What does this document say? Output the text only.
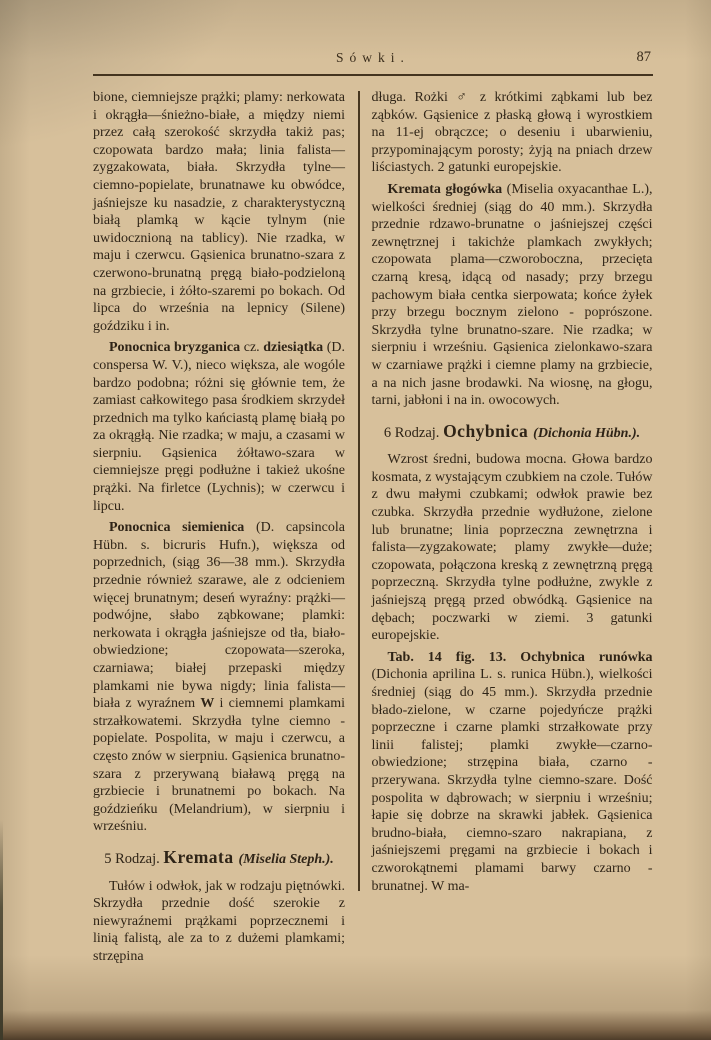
Sówki.	87

bione, ciemniejsze prążki; plamy: nerkowata i okrągła—śnieżno-białe, a między niemi przez całą szerokość skrzydła takiż pas; czopowata bardzo mała; linia falista—zygzakowata, biała. Skrzydła tylne—ciemno-popielate, brunatnawe ku obwódce, jaśniejsze ku nasadzie, z charakterystyczną białą plamką w kącie tylnym (nie uwidocznioną na tablicy). Nie rzadka, w maju i czerwcu. Gąsienica brunatno-szara z czerwono-brunatną pręgą biało-podzieloną na grzbiecie, i żółto-szaremi po bokach. Od lipca do września na lepnicy (Silene) goździku i in.

Ponocnica bryzganica cz. dziesiątka (D. conspersa W. V.), nieco większa, ale wogóle bardzo podobna; różni się głównie tem, że zamiast całkowitego pasa środkiem skrzydeł przednich ma tylko kańciastą plamę białą po za okrągłą. Nie rzadka; w maju, a czasami w sierpniu. Gąsienica żółtawo-szara w ciemniejsze pręgi podłużne i takież ukośne prążki. Na firletce (Lychnis); w czerwcu i lipcu.

Ponocnica siemienica (D. capsincola Hübn. s. bicruris Hufn.), większa od poprzednich, (siąg 36—38 mm.). Skrzydła przednie również szarawe, ale z odcieniem więcej brunatnym; deseń wyraźny: prążki—podwójne, słabo ząbkowane; plamki: nerkowata i okrągła jaśniejsze od tła, biało-obwiedzione; czopowata—szeroka, czarniawa; białej przepaski między plamkami nie bywa nigdy; linia falista—biała z wyraźnem W i ciemnemi plamkami strzałkowatemi. Skrzydła tylne ciemno - popielate. Pospolita, w maju i czerwcu, a często znów w sierpniu. Gąsienica brunatno-szara z przerywaną białawą pręgą na grzbiecie i brunatnemi po bokach. Na goździeńku (Melandrium), w sierpniu i wrześniu.

5 Rodzaj. Kremata (Miselia Steph.).

Tułów i odwłok, jak w rodzaju piętnówki. Skrzydła przednie dość szerokie z niewyraźnemi prążkami poprzecznemi i linią falistą, ale za to z dużemi plamkami; strzępina

długa. Rożki ♂ z krótkimi ząbkami lub bez ząbków. Gąsienice z płaską głową i wyrostkiem na 11-ej obrączce; o deseniu i ubarwieniu, przypominającym porosty; żyją na pniach drzew liściastych. 2 gatunki europejskie.

Kremata głogówka (Miselia oxyacanthae L.), wielkości średniej (siąg do 40 mm.). Skrzydła przednie rdzawo-brunatne o jaśniejszej części zewnętrznej i takichże plamkach zwykłych; czopowata plama—czworoboczna, przecięta czarną kresą, idącą od nasady; przy brzegu pachowym biała centka sierpowata; końce żyłek przy brzegu bocznym zielono - poprószone. Skrzydła tylne brunatno-szare. Nie rzadka; w sierpniu i wrześniu. Gąsienica zielonkawo-szara w czarniawe prążki i ciemne plamy na grzbiecie, a na nich jasne brodawki. Na wiosnę, na głogu, tarni, jabłoni i na in. owocowych.

6 Rodzaj. Ochybnica (Dichonia Hübn.).

Wzrost średni, budowa mocna. Głowa bardzo kosmata, z wystającym czubkiem na czole. Tułów z dwu małymi czubkami; odwłok prawie bez czubka. Skrzydła przednie wydłużone, zielone lub brunatne; linia poprzeczna zewnętrzna i falista—zygzakowate; plamy zwykłe—duże; czopowata, połączona kreską z zewnętrzną pręgą poprzeczną. Skrzydła tylne podłużne, zwykle z jaśniejszą pręgą przed obwódką. Gąsienice na dębach; poczwarki w ziemi. 3 gatunki europejskie.

Tab. 14 fig. 13. Ochybnica runówka (Dichonia aprilina L. s. runica Hübn.), wielkości średniej (siąg do 45 mm.). Skrzydła przednie błado-zielone, w czarne pojedyńcze prążki poprzeczne i czarne plamki strzałkowate przy linii falistej; plamki zwykłe—czarno-obwiedzione; strzępina biała, czarno - przerywana. Skrzydła tylne ciemno-szare. Dość pospolita w dąbrowach; w sierpniu i wrześniu; łapie się dobrze na skrawki jabłek. Gąsienica brudno-biała, ciemno-szaro nakrapiana, z jaśniejszemi pręgami na grzbiecie i bokach i czworokątnemi plamami barwy czarno - brunatnej. W ma-
